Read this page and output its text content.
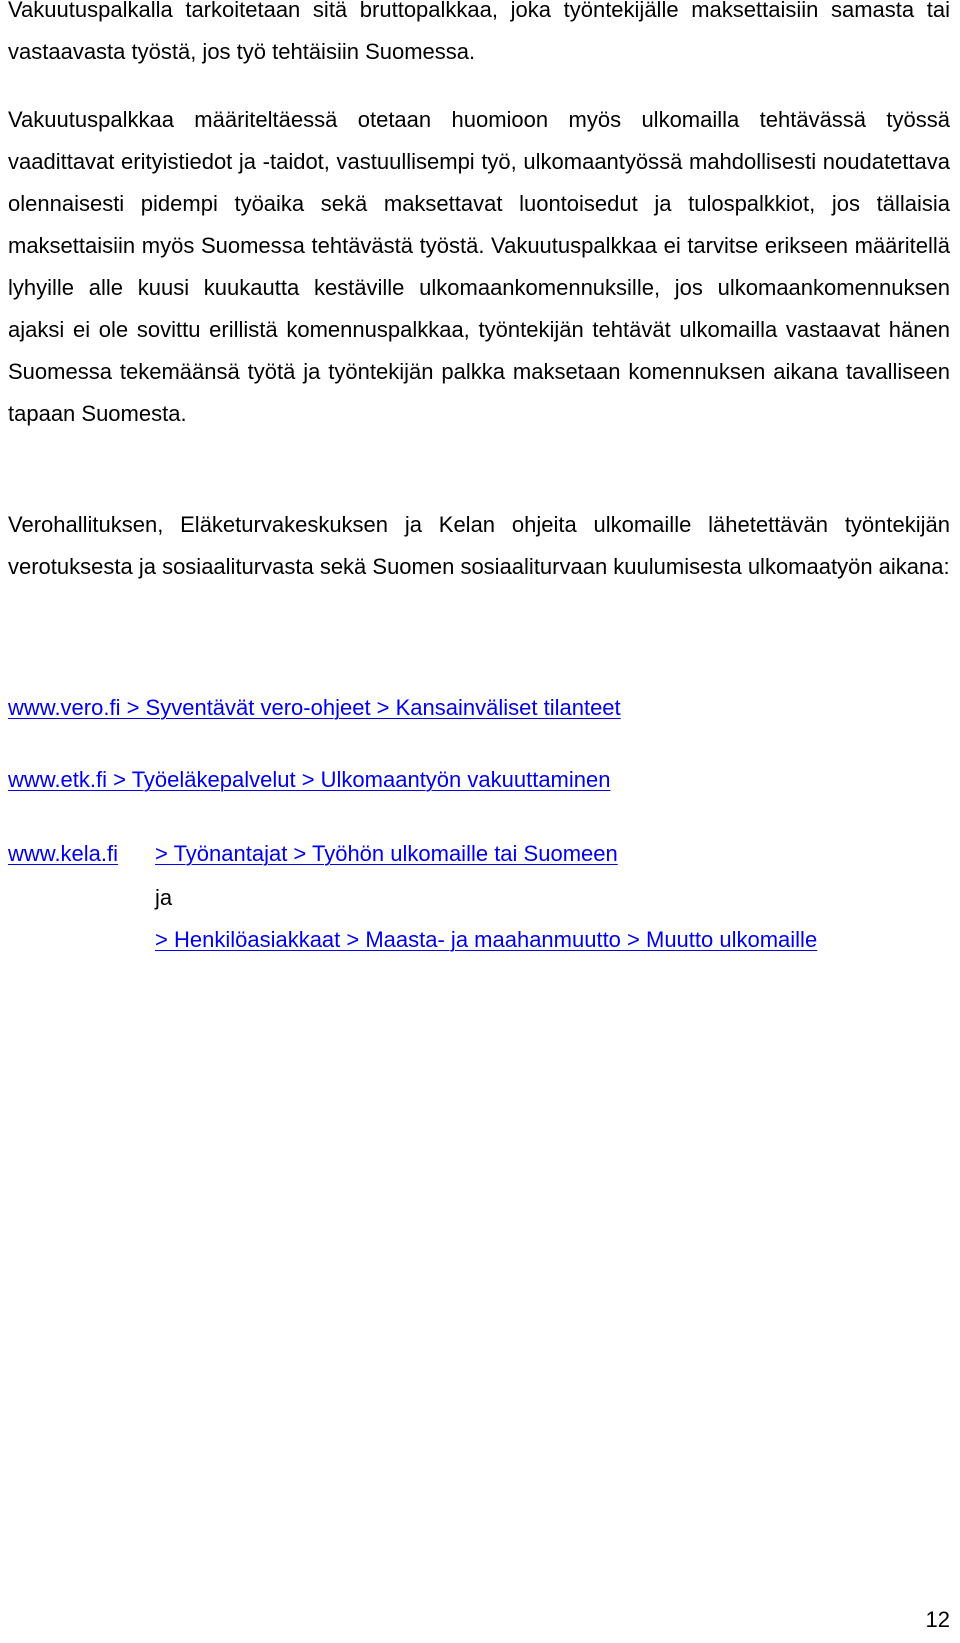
Vakuutuspalkalla tarkoitetaan sitä bruttopalkkaa, joka työntekijälle maksettaisiin samasta tai vastaavasta työstä, jos työ tehtäisiin Suomessa.

Vakuutuspalkkaa määriteltäessä otetaan huomioon myös ulkomailla tehtävässä työssä vaadittavat erityistiedot ja -taidot, vastuullisempi työ, ulkomaantyössä mahdollisesti noudatettava olennaisesti pidempi työaika sekä maksettavat luontoisedut ja tulospalkkiot, jos tällaisia maksettaisiin myös Suomessa tehtävästä työstä. Vakuutuspalkkaa ei tarvitse erikseen määritellä lyhyille alle kuusi kuukautta kestäville ulkomaankomennuksille, jos ulkomaankomennuksen ajaksi ei ole sovittu erillistä komennuspalkkaa, työntekijän tehtävät ulkomailla vastaavat hänen Suomessa tekemäänsä työtä ja työntekijän palkka maksetaan komennuksen aikana tavalliseen tapaan Suomesta.

Verohallituksen, Eläketurvakeskuksen ja Kelan ohjeita ulkomaille lähetettävän työntekijän verotuksesta ja sosiaaliturvasta sekä Suomen sosiaaliturvaan kuulumisesta ulkomaatyön aikana:

www.vero.fi > Syventävät vero-ohjeet > Kansainväliset tilanteet
www.etk.fi > Työeläkepalvelut > Ulkomaantyön vakuuttaminen
www.kela.fi > Työnantajat > Työhön ulkomaille tai Suomeen
ja
> Henkilöasiakkaat > Maasta- ja maahanmuutto > Muutto ulkomaille
12
